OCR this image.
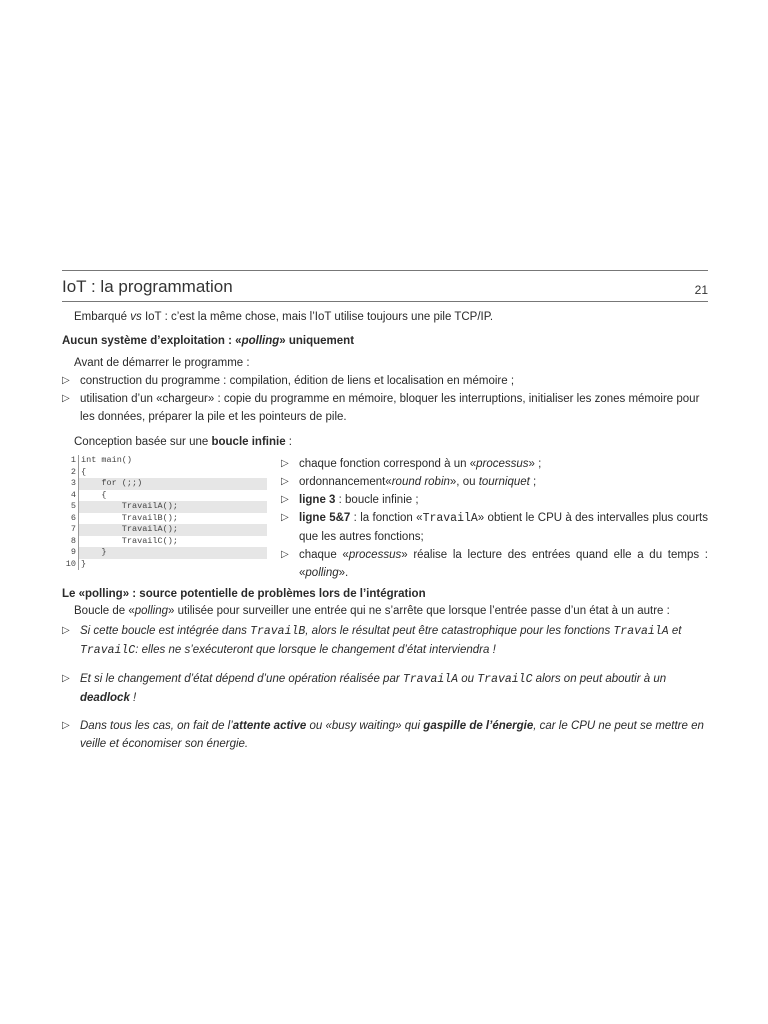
IoT : la programmation	21
Embarqué vs IoT : c’est la même chose, mais l’IoT utilise toujours une pile TCP/IP.
Aucun système d’exploitation : «polling» uniquement
Avant de démarrer le programme :
▷ construction du programme : compilation, édition de liens et localisation en mémoire ;
▷ utilisation d’un «chargeur» : copie du programme en mémoire, bloquer les interruptions, initialiser les zones mémoire pour les données, préparer la pile et les pointeurs de pile.
Conception basée sur une boucle infinie :
1 int main()
2 {
3 for (;;)
4 {
5 TravailA();
6 TravailB();
7 TravailA();
8 TravailC();
9 }
10 }
▷ chaque fonction correspond à un «processus» ;
▷ ordonnancement«round robin», ou tourniquet ;
▷ ligne 3 : boucle infinie ;
▷ ligne 5&7 : la fonction «TravailA» obtient le CPU à des intervalles plus courts que les autres fonctions;
▷ chaque «processus» réalise la lecture des entrées quand elle a du temps : «polling».
Le «polling» : source potentielle de problèmes lors de l’intégration
Boucle de «polling» utilisée pour surveiller une entrée qui ne s’arrête que lorsque l’entrée passe d’un état à un autre :
▷ Si cette boucle est intégrée dans TravailB, alors le résultat peut être catastrophique pour les fonctions TravailA et TravailC: elles ne s’exécuteront que lorsque le changement d’état interviendra !
▷ Et si le changement d’état dépend d’une opération réalisée par TravailA ou TravailC alors on peut aboutir à un deadlock !
▷ Dans tous les cas, on fait de l’attente active ou «busy waiting» qui gaspille de l’énergie, car le CPU ne peut se mettre en veille et économiser son énergie.
